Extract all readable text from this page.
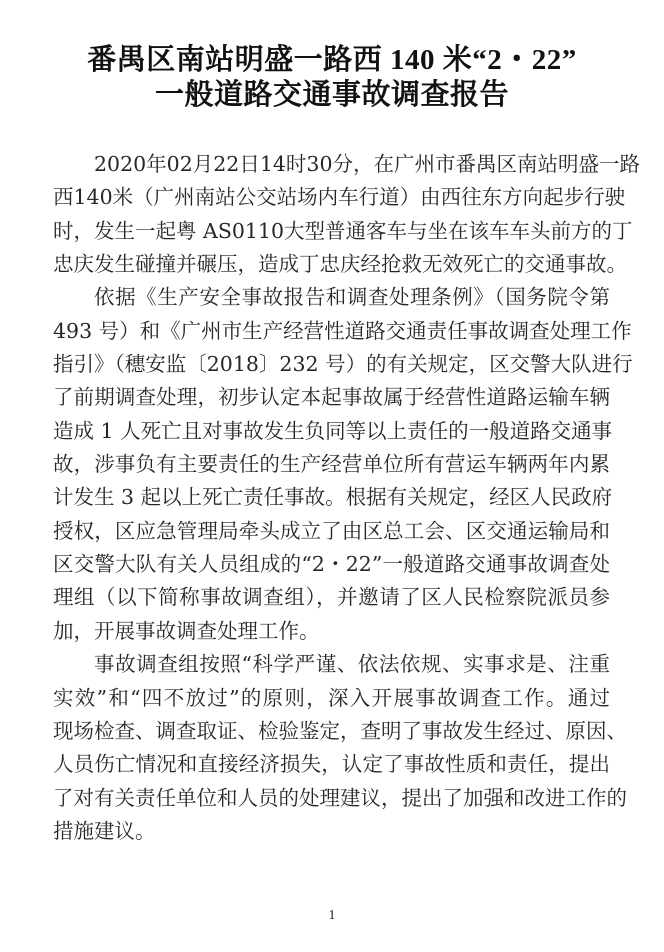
番禺区南站明盛一路西 140 米“2・22”
一般道路交通事故调查报告
2020年02月22日14时30分，在广州市番禺区南站明盛一路
西140米（广州南站公交站场内车行道）由西往东方向起步行驶
时，发生一起粤 AS0110大型普通客车与坐在该车车头前方的丁
忠庆发生碰撞并碾压，造成丁忠庆经抢救无效死亡的交通事故。
依据《生产安全事故报告和调查处理条例》（国务院令第
493 号）和《广州市生产经营性道路交通责任事故调查处理工作
指引》（穗安监〔2018〕232 号）的有关规定，区交警大队进行
了前期调查处理，初步认定本起事故属于经营性道路运输车辆
造成 1 人死亡且对事故发生负同等以上责任的一般道路交通事
故，涉事负有主要责任的生产经营单位所有营运车辆两年内累
计发生 3 起以上死亡责任事故。根据有关规定，经区人民政府
授权，区应急管理局牵头成立了由区总工会、区交通运输局和
区交警大队有关人员组成的“2・22”一般道路交通事故调查处
理组（以下简称事故调查组），并邀请了区人民检察院派员参
加，开展事故调查处理工作。
事故调查组按照“科学严谨、依法依规、实事求是、注重
实效”和“四不放过”的原则，深入开展事故调查工作。通过
现场检查、调查取证、检验鉴定，查明了事故发生经过、原因、
人员伤亡情况和直接经济损失，认定了事故性质和责任，提出
了对有关责任单位和人员的处理建议，提出了加强和改进工作的
措施建议。
1
